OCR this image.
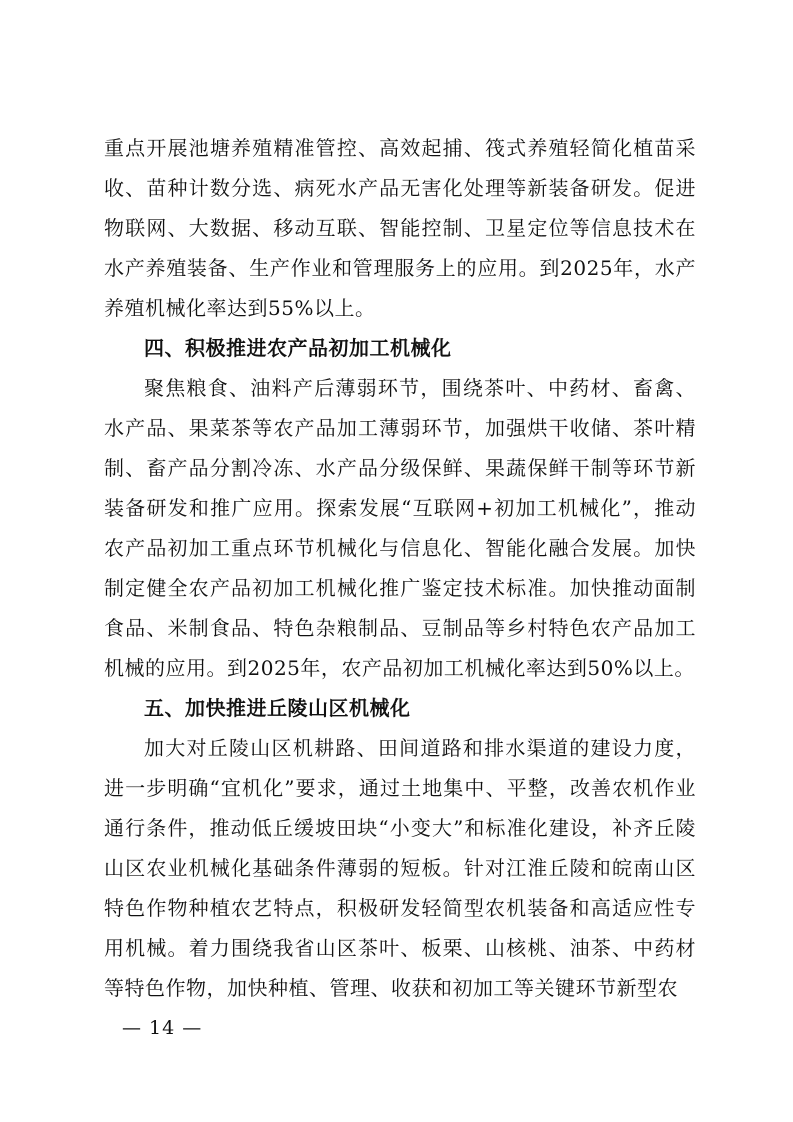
重点开展池塘养殖精准管控、高效起捕、筏式养殖轻简化植苗采收、苗种计数分选、病死水产品无害化处理等新装备研发。促进物联网、大数据、移动互联、智能控制、卫星定位等信息技术在水产养殖装备、生产作业和管理服务上的应用。到2025年，水产养殖机械化率达到55%以上。

四、积极推进农产品初加工机械化

聚焦粮食、油料产后薄弱环节，围绕茶叶、中药材、畜禽、水产品、果菜茶等农产品加工薄弱环节，加强烘干收储、茶叶精制、畜产品分割冷冻、水产品分级保鲜、果蔬保鲜干制等环节新装备研发和推广应用。探索发展“互联网+初加工机械化”，推动农产品初加工重点环节机械化与信息化、智能化融合发展。加快制定健全农产品初加工机械化推广鉴定技术标准。加快推动面制食品、米制食品、特色杂粮制品、豆制品等乡村特色农产品加工机械的应用。到2025年，农产品初加工机械化率达到50%以上。

五、加快推进丘陵山区机械化

加大对丘陵山区机耕路、田间道路和排水渠道的建设力度，进一步明确“宜机化”要求，通过土地集中、平整，改善农机作业通行条件，推动低丘缓坡田块“小变大”和标准化建设，补齐丘陵山区农业机械化基础条件薄弱的短板。针对江淮丘陵和皖南山区特色作物种植农艺特点，积极研发轻简型农机装备和高适应性专用机械。着力围绕我省山区茶叶、板栗、山核桃、油茶、中药材等特色作物，加快种植、管理、收获和初加工等关键环节新型农

— 14 —
